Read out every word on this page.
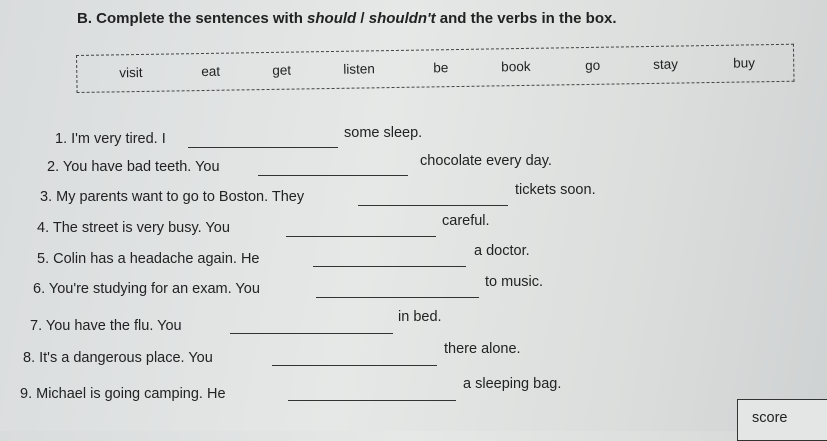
B. Complete the sentences with should / shouldn't and the verbs in the box.
visit	eat	get	listen	be	book	go	stay	buy
1. I'm very tired. I	some sleep.
2. You have bad teeth. You	chocolate every day.
3. My parents want to go to Boston. They	tickets soon.
4. The street is very busy. You	careful.
5. Colin has a headache again. He	a doctor.
6. You're studying for an exam. You	to music.
7. You have the flu. You
in bed.
8. It's a dangerous place. You
there alone.
9. Michael is going camping. He
a sleeping bag.
score
